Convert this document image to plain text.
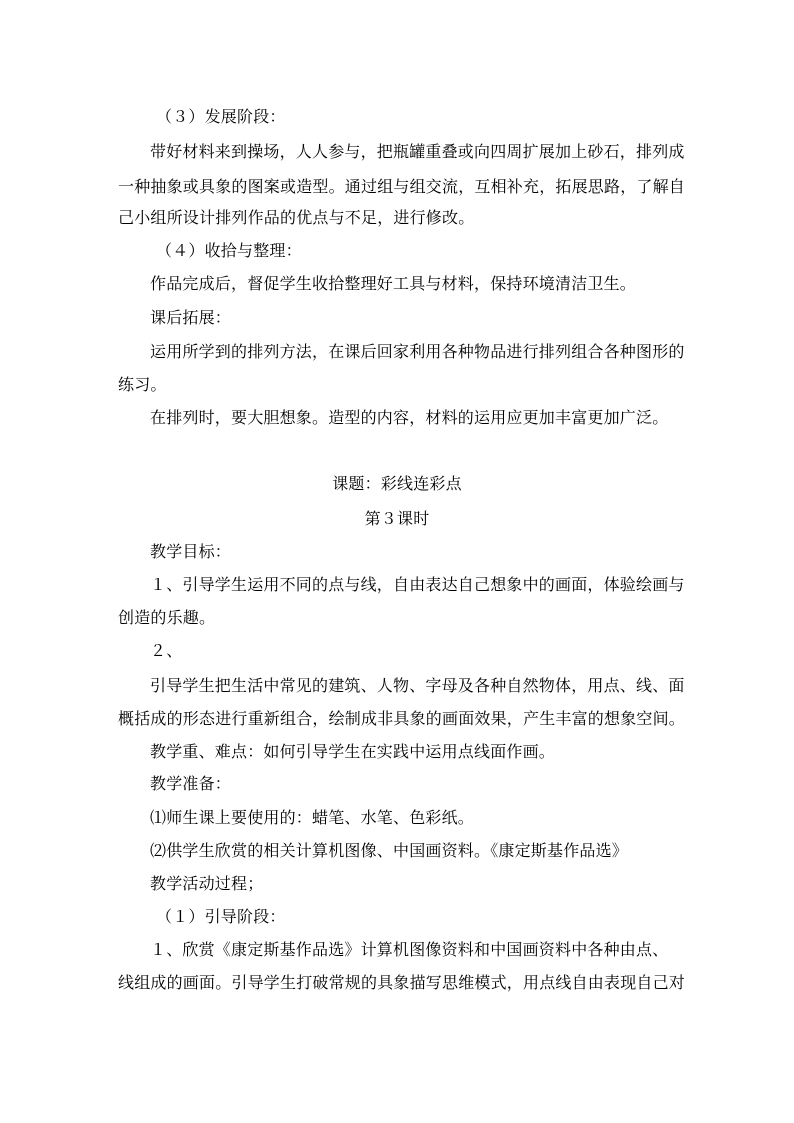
（３）发展阶段：
带好材料来到操场，人人参与，把瓶罐重叠或向四周扩展加上砂石，排列成
一种抽象或具象的图案或造型。通过组与组交流，互相补充，拓展思路，了解自
己小组所设计排列作品的优点与不足，进行修改。
（４）收拾与整理：
作品完成后，督促学生收拾整理好工具与材料，保持环境清洁卫生。
课后拓展：
运用所学到的排列方法，在课后回家利用各种物品进行排列组合各种图形的
练习。
在排列时，要大胆想象。造型的内容，材料的运用应更加丰富更加广泛。
课题：彩线连彩点
第３课时
教学目标：
１、引导学生运用不同的点与线，自由表达自己想象中的画面，体验绘画与
创造的乐趣。
２、
引导学生把生活中常见的建筑、人物、字母及各种自然物体，用点、线、面
概括成的形态进行重新组合，绘制成非具象的画面效果，产生丰富的想象空间。
教学重、难点：如何引导学生在实践中运用点线面作画。
教学准备：
⑴师生课上要使用的：蜡笔、水笔、色彩纸。
⑵供学生欣赏的相关计算机图像、中国画资料。《康定斯基作品选》
教学活动过程；
（１）引导阶段：
１、欣赏《康定斯基作品选》计算机图像资料和中国画资料中各种由点、
线组成的画面。引导学生打破常规的具象描写思维模式，用点线自由表现自己对
